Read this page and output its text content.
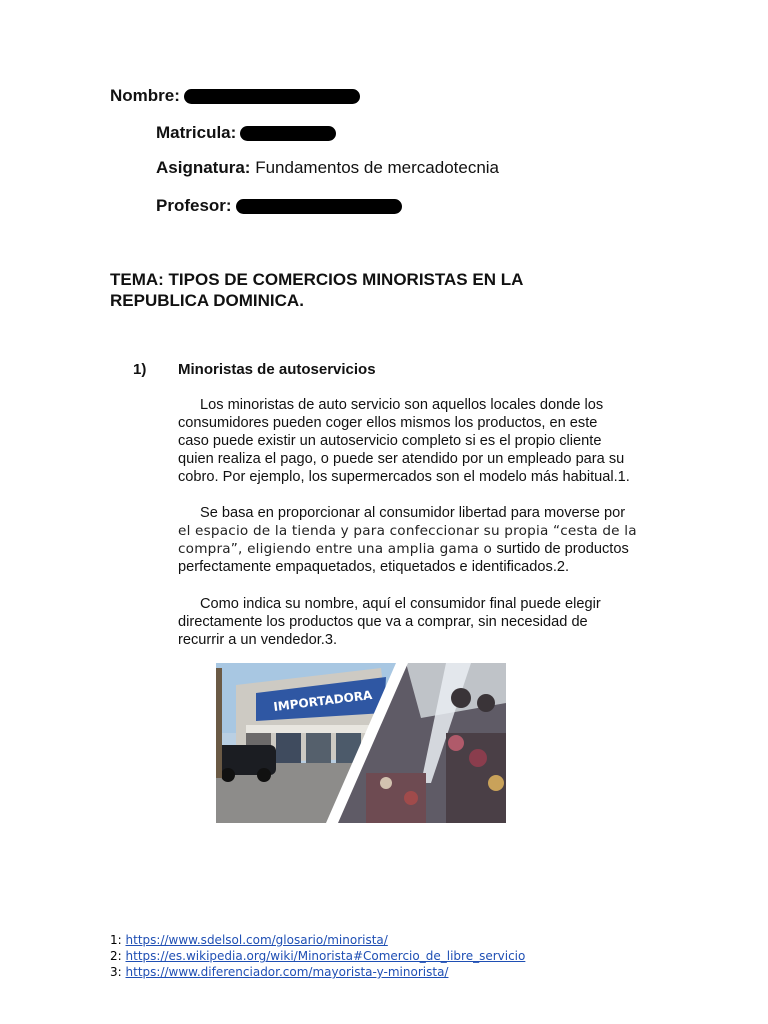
Nombre:
Matricula:
Asignatura: Fundamentos de mercadotecnia
Profesor:
TEMA: TIPOS DE COMERCIOS MINORISTAS EN LA
REPUBLICA DOMINICA.
1) Minoristas de autoservicios

Los minoristas de auto servicio son aquellos locales donde los

consumidores pueden coger ellos mismos los productos, en este

caso puede existir un autoservicio completo si es el propio cliente

quien realiza el pago, o puede ser atendido por un empleado para su

cobro. Por ejemplo, los supermercados son el modelo más habitual.1.

Se basa en proporcionar al consumidor libertad para moverse por

el espacio de la tienda y para confeccionar su propia “cesta de la

compra”, eligiendo entre una amplia gama o surtido de productos

perfectamente empaquetados, etiquetados e identificados.2.

Como indica su nombre, aquí el consumidor final puede elegir

directamente los productos que va a comprar, sin necesidad de

recurrir a un vendedor.3.

IMPORTADORA
1: https://www.sdelsol.com/glosario/minorista/
2: https://es.wikipedia.org/wiki/Minorista#Comercio_de_libre_servicio
3: https://www.diferenciador.com/mayorista-y-minorista/
